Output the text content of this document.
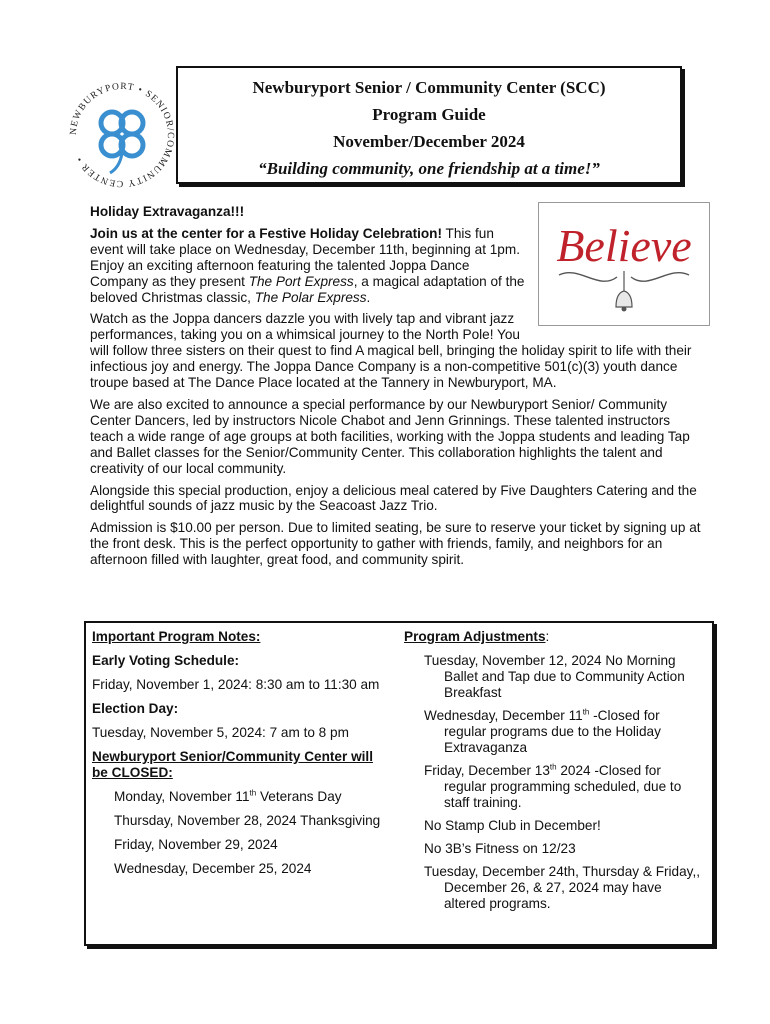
NEWBURYPORT • SENIOR/COMMUNITY CENTER •
Newburyport Senior / Community Center (SCC)
Program Guide
November/December 2024
“Building community, one friendship at a time!”
Believe

Holiday Extravaganza!!!

Join us at the center for a Festive Holiday Celebration! This fun event will take place on Wednesday, December 11th, beginning at 1pm. Enjoy an exciting afternoon featuring the talented Joppa Dance Company as they present The Port Express, a magical adaptation of the beloved Christmas classic, The Polar Express.

Watch as the Joppa dancers dazzle you with lively tap and vibrant jazz performances, taking you on a whimsical journey to the North Pole! You will follow three sisters on their quest to find A magical bell, bringing the holiday spirit to life with their infectious joy and energy. The Joppa Dance Company is a non-competitive 501(c)(3) youth dance troupe based at The Dance Place located at the Tannery in Newburyport, MA.

We are also excited to announce a special performance by our Newburyport Senior/ Community Center Dancers, led by instructors Nicole Chabot and Jenn Grinnings. These talented instructors teach a wide range of age groups at both facilities, working with the Joppa students and leading Tap and Ballet classes for the Senior/Community Center. This collaboration highlights the talent and creativity of our local community.

Alongside this special production, enjoy a delicious meal catered by Five Daughters Catering and the delightful sounds of jazz music by the Seacoast Jazz Trio.

Admission is $10.00 per person. Due to limited seating, be sure to reserve your ticket by signing up at the front desk. This is the perfect opportunity to gather with friends, family, and neighbors for an afternoon filled with laughter, great food, and community spirit.

Important Program Notes:
Early Voting Schedule:
Friday, November 1, 2024: 8:30 am to 11:30 am
Election Day:
Tuesday, November 5, 2024: 7 am to 8 pm
Newburyport Senior/Community Center will be CLOSED:
Monday, November 11th Veterans Day
Thursday, November 28, 2024 Thanksgiving
Friday, November 29, 2024
Wednesday, December 25, 2024
Program Adjustments:
Tuesday, November 12, 2024 No Morning Ballet and Tap due to Community Action Breakfast
Wednesday, December 11th -Closed for regular programs due to the Holiday Extravaganza
Friday, December 13th 2024 -Closed for regular programming scheduled, due to staff training.
No Stamp Club in December!
No 3B’s Fitness on 12/23
Tuesday, December 24th, Thursday & Friday,, December 26, & 27, 2024 may have altered programs.
